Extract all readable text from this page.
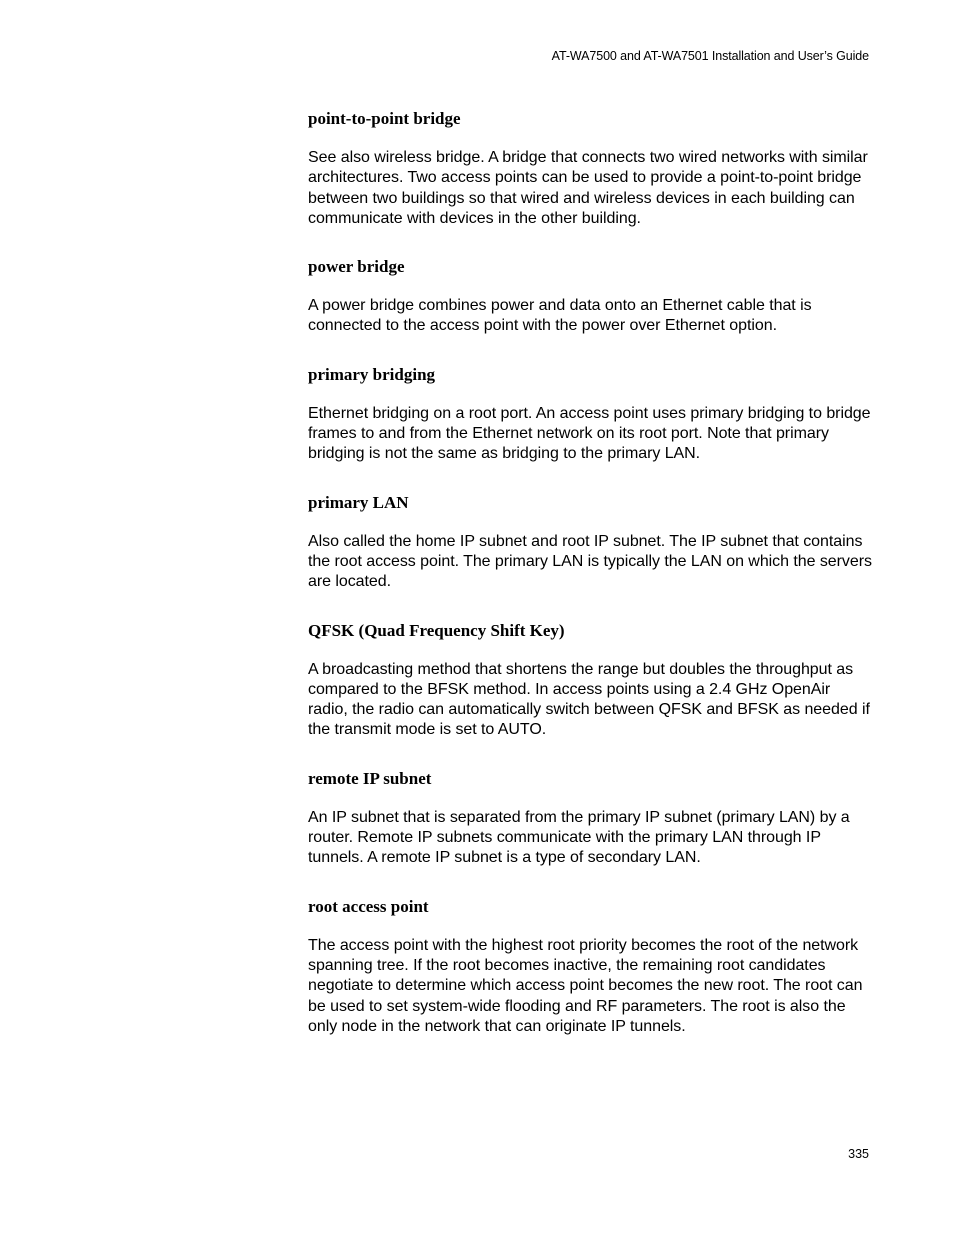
AT-WA7500 and AT-WA7501 Installation and User’s Guide

point-to-point bridge

See also wireless bridge. A bridge that connects two wired networks with similar architectures. Two access points can be used to provide a point-to-point bridge between two buildings so that wired and wireless devices in each building can communicate with devices in the other building.

power bridge

A power bridge combines power and data onto an Ethernet cable that is connected to the access point with the power over Ethernet option.

primary bridging

Ethernet bridging on a root port. An access point uses primary bridging to bridge frames to and from the Ethernet network on its root port. Note that primary bridging is not the same as bridging to the primary LAN.

primary LAN

Also called the home IP subnet and root IP subnet. The IP subnet that contains the root access point. The primary LAN is typically the LAN on which the servers are located.

QFSK (Quad Frequency Shift Key)

A broadcasting method that shortens the range but doubles the throughput as compared to the BFSK method. In access points using a 2.4 GHz OpenAir radio, the radio can automatically switch between QFSK and BFSK as needed if the transmit mode is set to AUTO.

remote IP subnet

An IP subnet that is separated from the primary IP subnet (primary LAN) by a router. Remote IP subnets communicate with the primary LAN through IP tunnels. A remote IP subnet is a type of secondary LAN.

root access point

The access point with the highest root priority becomes the root of the network spanning tree. If the root becomes inactive, the remaining root candidates negotiate to determine which access point becomes the new root. The root can be used to set system-wide flooding and RF parameters. The root is also the only node in the network that can originate IP tunnels.

335
